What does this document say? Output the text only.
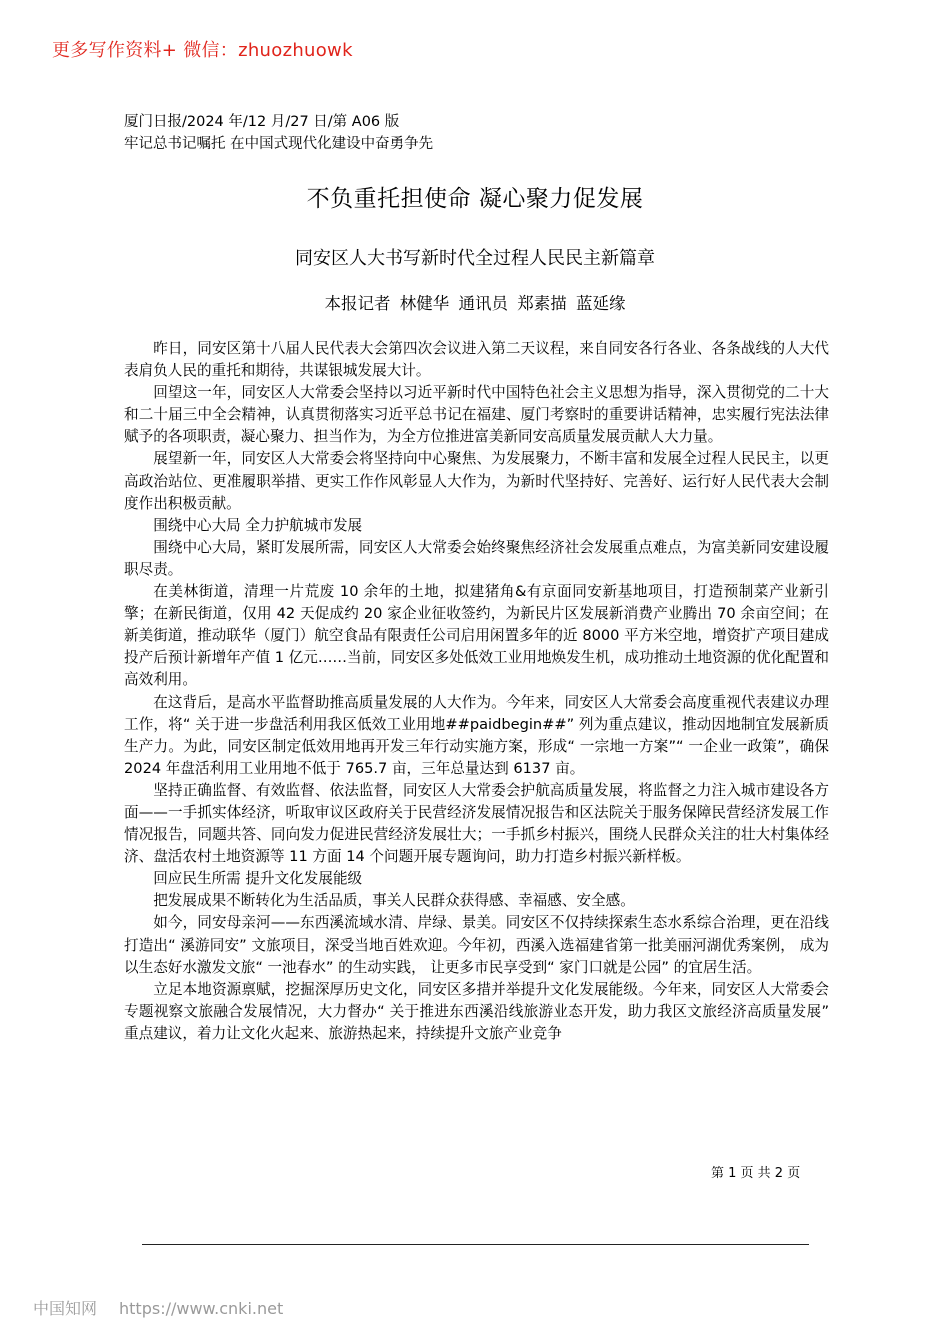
更多写作资料+ 微信：zhuozhuowk
厦门日报/2024 年/12 月/27 日/第 A06 版
牢记总书记嘱托 在中国式现代化建设中奋勇争先
不负重托担使命 凝心聚力促发展
同安区人大书写新时代全过程人民民主新篇章
本报记者 林健华 通讯员 郑素描 蓝延缘

昨日，同安区第十八届人民代表大会第四次会议进入第二天议程，来自同安各行各业、各条战线的人大代表肩负人民的重托和期待，共谋银城发展大计。

回望这一年，同安区人大常委会坚持以习近平新时代中国特色社会主义思想为指导，深入贯彻党的二十大和二十届三中全会精神，认真贯彻落实习近平总书记在福建、厦门考察时的重要讲话精神，忠实履行宪法法律赋予的各项职责，凝心聚力、担当作为，为全方位推进富美新同安高质量发展贡献人大力量。

展望新一年，同安区人大常委会将坚持向中心聚焦、为发展聚力，不断丰富和发展全过程人民民主，以更高政治站位、更准履职举措、更实工作作风彰显人大作为，为新时代坚持好、完善好、运行好人民代表大会制度作出积极贡献。

围绕中心大局 全力护航城市发展

围绕中心大局，紧盯发展所需，同安区人大常委会始终聚焦经济社会发展重点难点，为富美新同安建设履职尽责。

在美林街道，清理一片荒废 10 余年的土地，拟建猪角&有京面同安新基地项目，打造预制菜产业新引擎；在新民街道，仅用 42 天促成约 20 家企业征收签约，为新民片区发展新消费产业腾出 70 余亩空间；在新美街道，推动联华（厦门）航空食品有限责任公司启用闲置多年的近 8000 平方米空地，增资扩产项目建成投产后预计新增年产值 1 亿元……当前，同安区多处低效工业用地焕发生机，成功推动土地资源的优化配置和高效利用。

在这背后，是高水平监督助推高质量发展的人大作为。今年来，同安区人大常委会高度重视代表建议办理工作，将“ 关于进一步盘活利用我区低效工业用地##paidbegin##” 列为重点建议，推动因地制宜发展新质生产力。为此，同安区制定低效用地再开发三年行动实施方案，形成“ 一宗地一方案”“ 一企业一政策”，确保 2024 年盘活利用工业用地不低于 765.7 亩，三年总量达到 6137 亩。

坚持正确监督、有效监督、依法监督，同安区人大常委会护航高质量发展，将监督之力注入城市建设各方面——一手抓实体经济，听取审议区政府关于民营经济发展情况报告和区法院关于服务保障民营经济发展工作情况报告，同题共答、同向发力促进民营经济发展壮大；一手抓乡村振兴，围绕人民群众关注的壮大村集体经济、盘活农村土地资源等 11 方面 14 个问题开展专题询问，助力打造乡村振兴新样板。

回应民生所需 提升文化发展能级

把发展成果不断转化为生活品质，事关人民群众获得感、幸福感、安全感。

如今，同安母亲河——东西溪流域水清、岸绿、景美。同安区不仅持续探索生态水系综合治理，更在沿线打造出“ 溪游同安” 文旅项目，深受当地百姓欢迎。今年初，西溪入选福建省第一批美丽河湖优秀案例， 成为以生态好水激发文旅“ 一池春水” 的生动实践， 让更多市民享受到“ 家门口就是公园” 的宜居生活。

立足本地资源禀赋，挖掘深厚历史文化，同安区多措并举提升文化发展能级。今年来，同安区人大常委会专题视察文旅融合发展情况，大力督办“ 关于推进东西溪沿线旅游业态开发，助力我区文旅经济高质量发展” 重点建议，着力让文化火起来、旅游热起来，持续提升文旅产业竞争

第 1 页 共 2 页
中国知网 https://www.cnki.net
